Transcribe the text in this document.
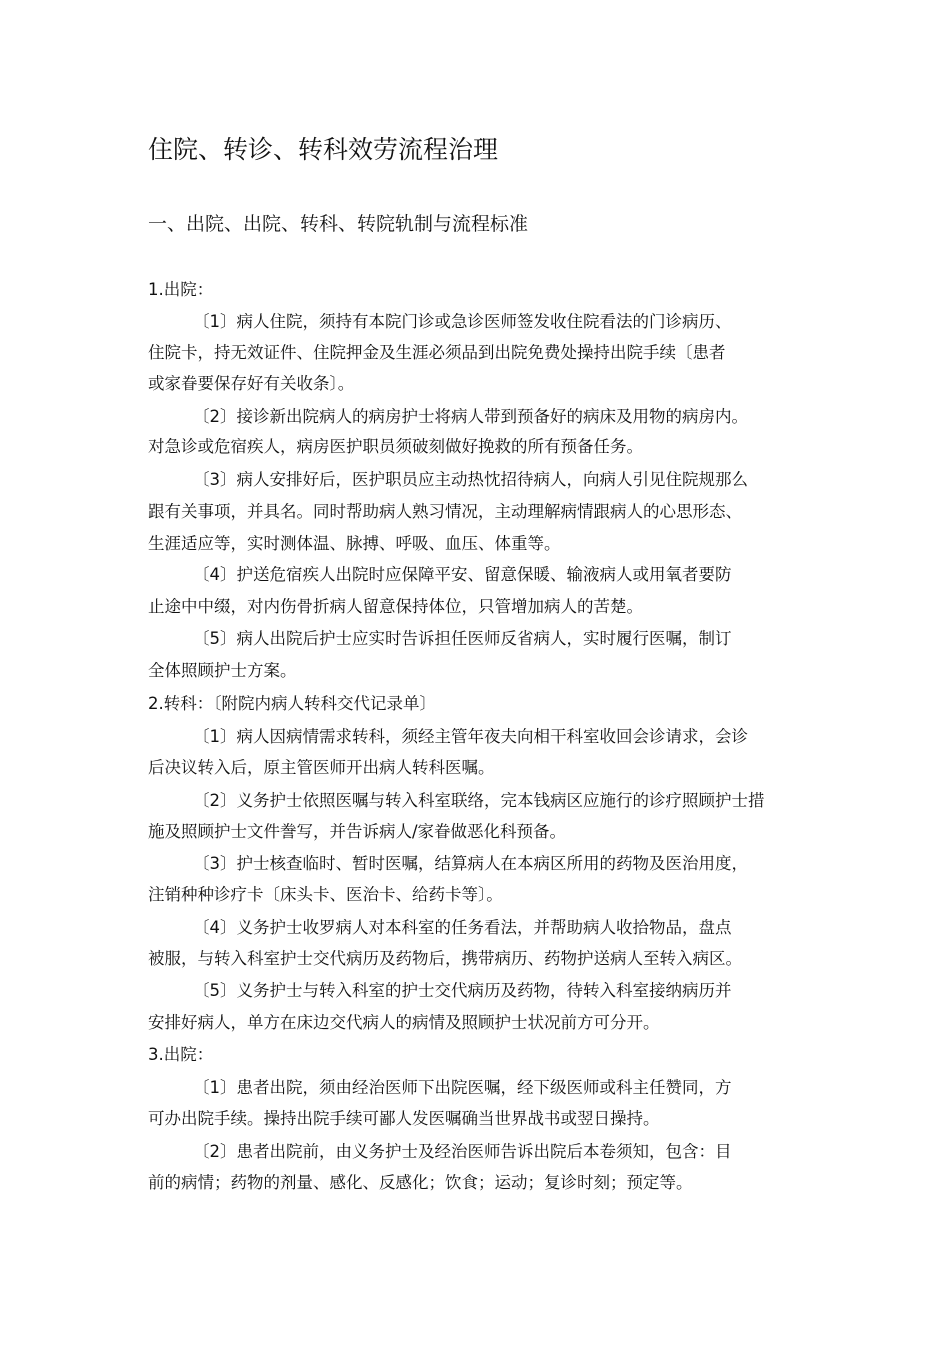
住院、转诊、转科效劳流程治理
一、出院、出院、转科、转院轨制与流程标准
1.出院：
〔1〕病人住院，须持有本院门诊或急诊医师签发收住院看法的门诊病历、
住院卡，持无效证件、住院押金及生涯必须品到出院免费处操持出院手续〔患者
或家眷要保存好有关收条〕。
〔2〕接诊新出院病人的病房护士将病人带到预备好的病床及用物的病房内。
对急诊或危宿疾人，病房医护职员须破刻做好挽救的所有预备任务。
〔3〕病人安排好后，医护职员应主动热忱招待病人，向病人引见住院规那么
跟有关事项，并具名。同时帮助病人熟习情况，主动理解病情跟病人的心思形态、
生涯适应等，实时测体温、脉搏、呼吸、血压、体重等。
〔4〕护送危宿疾人出院时应保障平安、留意保暖、输液病人或用氧者要防
止途中中缀，对内伤骨折病人留意保持体位，只管增加病人的苦楚。
〔5〕病人出院后护士应实时告诉担任医师反省病人，实时履行医嘱，制订
全体照顾护士方案。
2.转科：〔附院内病人转科交代记录单〕
〔1〕病人因病情需求转科，须经主管年夜夫向相干科室收回会诊请求，会诊
后决议转入后，原主管医师开出病人转科医嘱。
〔2〕义务护士依照医嘱与转入科室联络，完本钱病区应施行的诊疗照顾护士措
施及照顾护士文件誊写，并告诉病人/家眷做恶化科预备。
〔3〕护士核查临时、暂时医嘱，结算病人在本病区所用的药物及医治用度，
注销种种诊疗卡〔床头卡、医治卡、给药卡等〕。
〔4〕义务护士收罗病人对本科室的任务看法，并帮助病人收拾物品，盘点
被服，与转入科室护士交代病历及药物后，携带病历、药物护送病人至转入病区。
〔5〕义务护士与转入科室的护士交代病历及药物，待转入科室接纳病历并
安排好病人，单方在床边交代病人的病情及照顾护士状况前方可分开。
3.出院：
〔1〕患者出院，须由经治医师下出院医嘱，经下级医师或科主任赞同，方
可办出院手续。操持出院手续可鄙人发医嘱确当世界战书或翌日操持。
〔2〕患者出院前，由义务护士及经治医师告诉出院后本卷须知，包含：目
前的病情；药物的剂量、感化、反感化；饮食；运动；复诊时刻；预定等。
